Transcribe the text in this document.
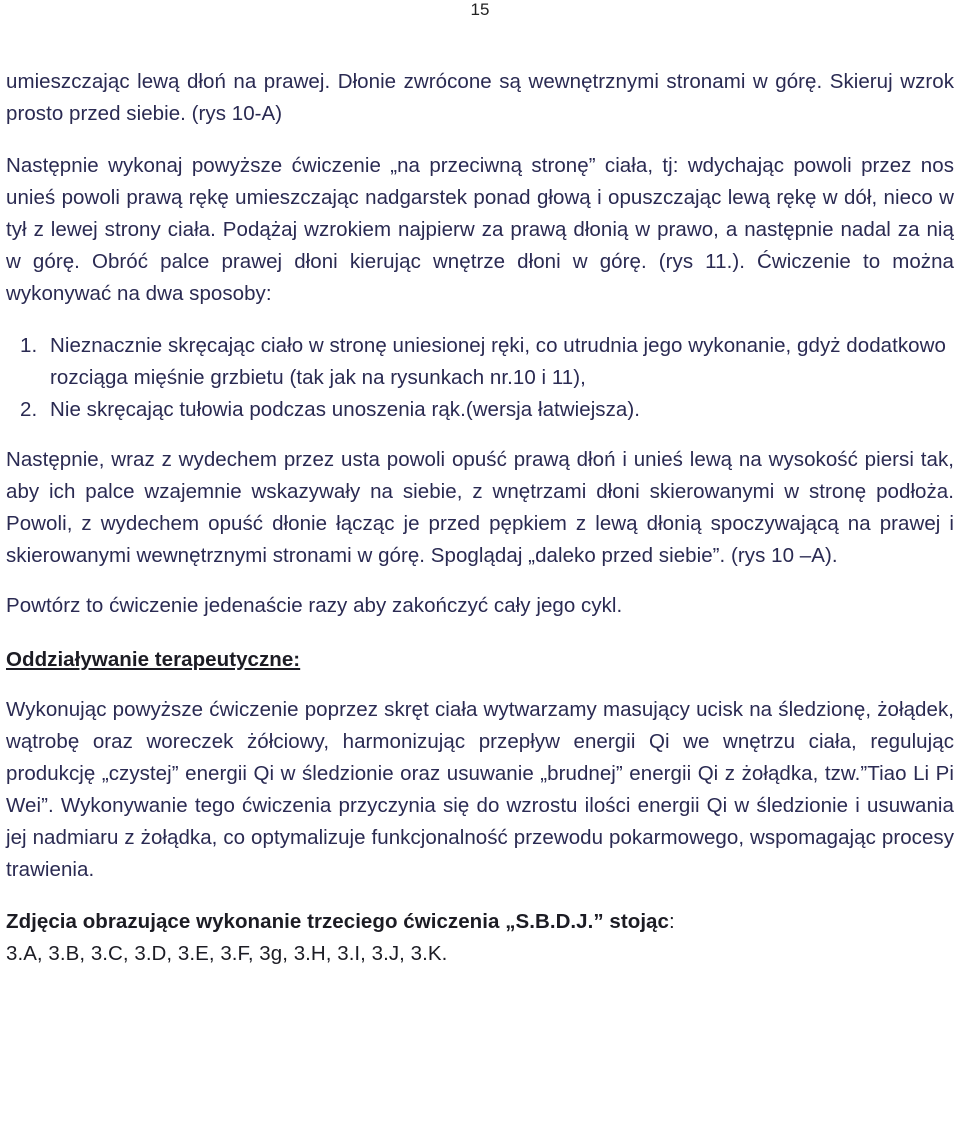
15

umieszczając lewą dłoń na prawej. Dłonie zwrócone są wewnętrznymi stronami w górę. Skieruj wzrok prosto przed siebie. (rys 10-A)

Następnie wykonaj powyższe ćwiczenie „na przeciwną stronę” ciała, tj: wdychając powoli przez nos unieś powoli prawą rękę umieszczając nadgarstek ponad głową i opuszczając lewą rękę w dół, nieco w tył z lewej strony ciała. Podążaj wzrokiem najpierw za prawą dłonią w prawo, a następnie nadal za nią w górę. Obróć palce prawej dłoni kierując wnętrze dłoni w górę. (rys 11.). Ćwiczenie to można wykonywać na dwa sposoby:

1. Nieznacznie skręcając ciało w stronę uniesionej ręki, co utrudnia jego wykonanie, gdyż dodatkowo rozciąga mięśnie grzbietu (tak jak na rysunkach nr.10 i 11),
2. Nie skręcając tułowia podczas unoszenia rąk.(wersja łatwiejsza).

Następnie, wraz z wydechem przez usta powoli opuść prawą dłoń i unieś lewą na wysokość piersi tak, aby ich palce wzajemnie wskazywały na siebie, z wnętrzami dłoni skierowanymi w stronę podłoża. Powoli, z wydechem opuść dłonie łącząc je przed pępkiem z lewą dłonią spoczywającą na prawej i skierowanymi wewnętrznymi stronami w górę. Spoglądaj „daleko przed siebie”. (rys 10 –A).

Powtórz to ćwiczenie jedenaście razy aby zakończyć cały jego cykl.

Oddziaływanie terapeutyczne:

Wykonując powyższe ćwiczenie poprzez skręt ciała wytwarzamy masujący ucisk na śledzionę, żołądek, wątrobę oraz woreczek żółciowy, harmonizując przepływ energii Qi we wnętrzu ciała, regulując produkcję „czystej” energii Qi w śledzionie oraz usuwanie „brudnej” energii Qi z żołądka, tzw.”Tiao Li Pi Wei”. Wykonywanie tego ćwiczenia przyczynia się do wzrostu ilości energii Qi w śledzionie i usuwania jej nadmiaru z żołądka, co optymalizuje funkcjonalność przewodu pokarmowego, wspomagając procesy trawienia.

Zdjęcia obrazujące wykonanie trzeciego ćwiczenia „S.B.D.J.” stojąc:

3.A, 3.B, 3.C, 3.D, 3.E, 3.F, 3g, 3.H, 3.I, 3.J, 3.K.
